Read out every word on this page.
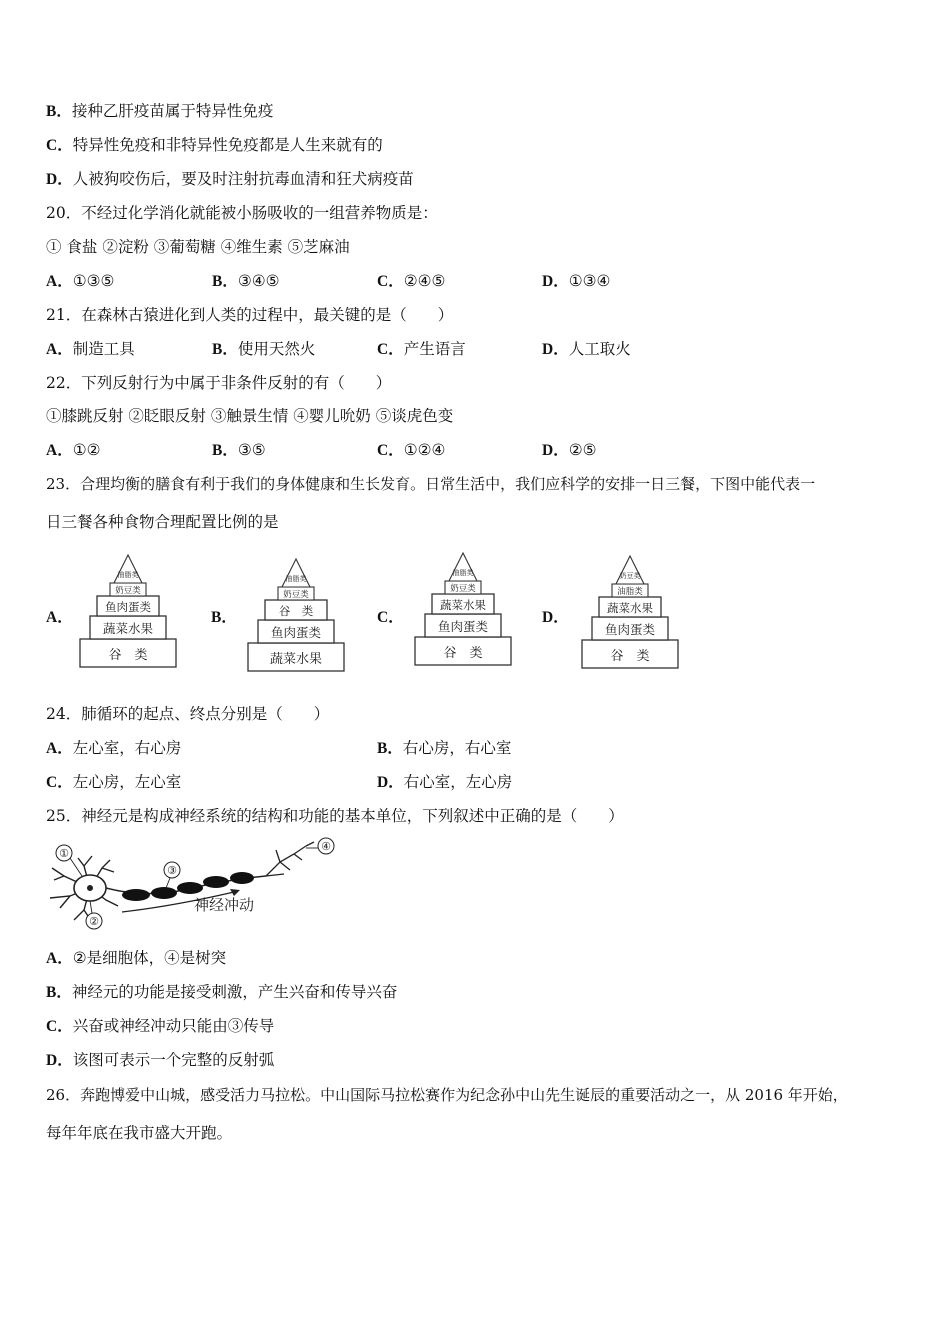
B．接种乙肝疫苗属于特异性免疫
C．特异性免疫和非特异性免疫都是人生来就有的
D．人被狗咬伤后，要及时注射抗毒血清和狂犬病疫苗
20．不经过化学消化就能被小肠吸收的一组营养物质是：
① 食盐 ②淀粉 ③葡萄糖 ④维生素 ⑤芝麻油
A．①③⑤	B．③④⑤	C．②④⑤	D．①③④
21．在森林古猿进化到人类的过程中，最关键的是（　　）
A．制造工具	B．使用天然火	C．产生语言	D．人工取火
22．下列反射行为中属于非条件反射的有（　　）
①膝跳反射 ②眨眼反射 ③触景生情 ④婴儿吮奶 ⑤谈虎色变
A．①②	B．③⑤	C．①②④	D．②⑤
23．合理均衡的膳食有利于我们的身体健康和生长发育。日常生活中，我们应科学的安排一日三餐，下图中能代表一
日三餐各种食物合理配置比例的是
A．
谷　类
蔬菜水果
鱼肉蛋类
奶豆类
油脂类
B．
蔬菜水果
鱼肉蛋类
谷　类
奶豆类
油脂类
C．
谷　类
鱼肉蛋类
蔬菜水果
奶豆类
油脂类
D．
谷　类
鱼肉蛋类
蔬菜水果
油脂类
奶豆类
24．肺循环的起点、终点分别是（　　）
A．左心室，右心房	B．右心房，右心室
C．左心房，左心室	D．右心室，左心房
25．神经元是构成神经系统的结构和功能的基本单位，下列叙述中正确的是（　　）
①
②
③
④
神经冲动
A．②是细胞体，④是树突
B．神经元的功能是接受刺激，产生兴奋和传导兴奋
C．兴奋或神经冲动只能由③传导
D．该图可表示一个完整的反射弧
26．奔跑博爱中山城，感受活力马拉松。中山国际马拉松赛作为纪念孙中山先生诞辰的重要活动之一，从 2016 年开始，
每年年底在我市盛大开跑。
